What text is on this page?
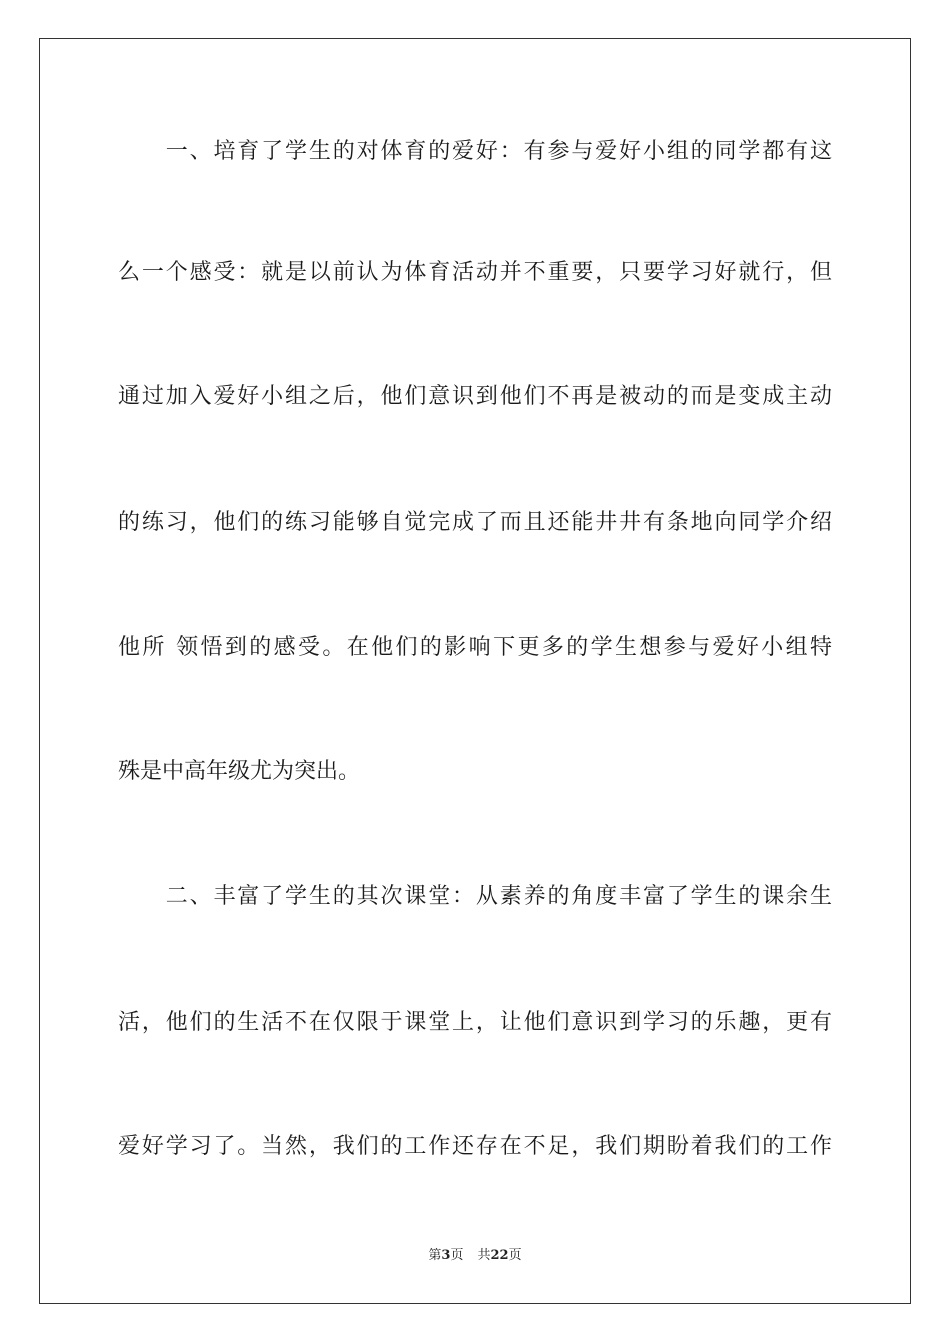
　　一、培育了学生的对体育的爱好：有参与爱好小组的同学都有这
么一个感受：就是以前认为体育活动并不重要，只要学习好就行，但
通过加入爱好小组之后，他们意识到他们不再是被动的而是变成主动
的练习，他们的练习能够自觉完成了而且还能井井有条地向同学介绍
他所 领悟到的感受。在他们的影响下更多的学生想参与爱好小组特
殊是中高年级尤为突出。
　　二、丰富了学生的其次课堂：从素养的角度丰富了学生的课余生
活，他们的生活不在仅限于课堂上，让他们意识到学习的乐趣，更有
爱好学习了。当然，我们的工作还存在不足，我们期盼着我们的工作
第3页 共22页
